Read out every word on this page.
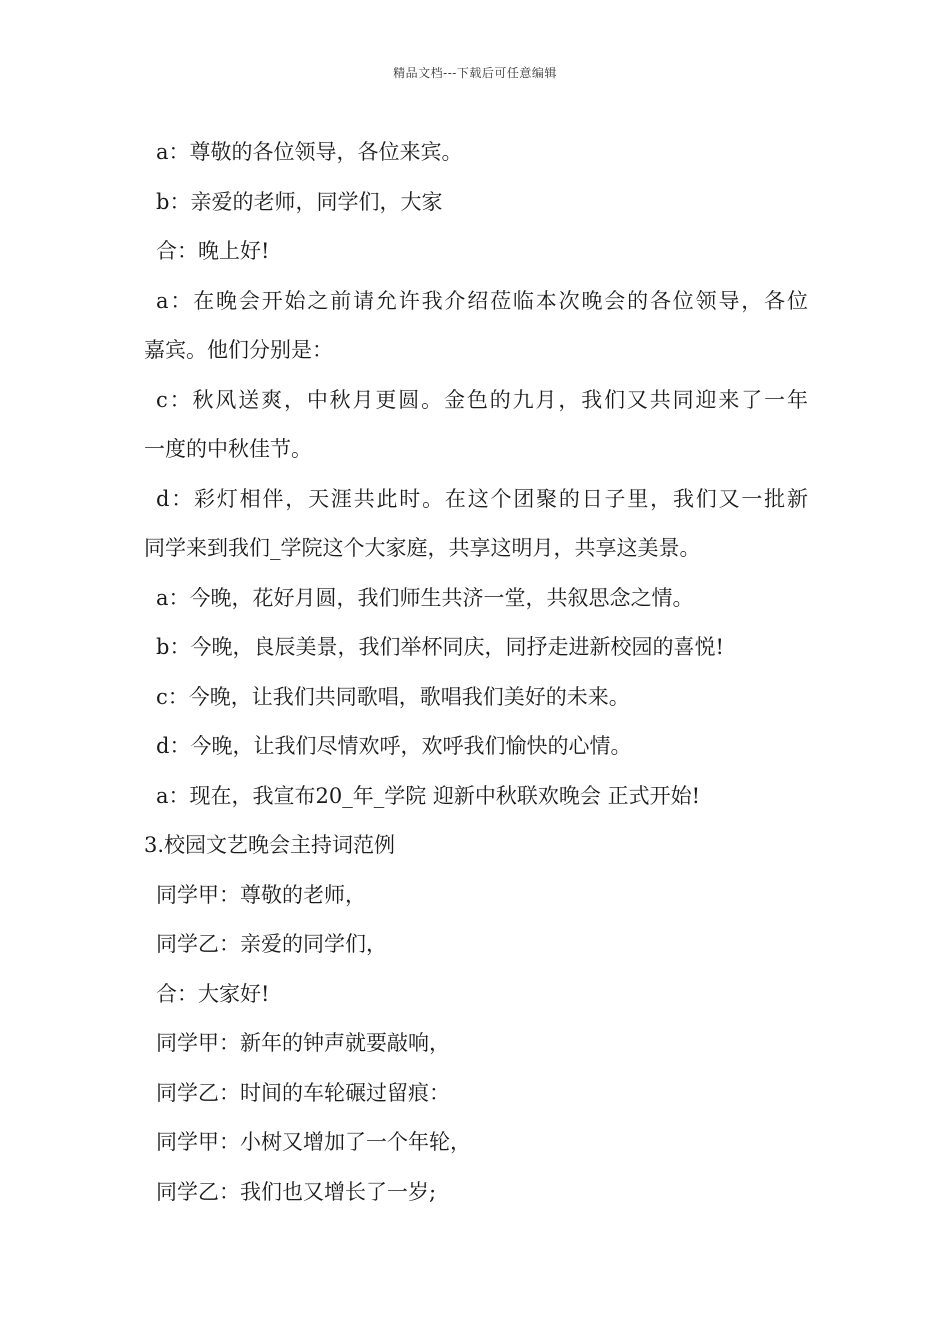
精品文档---下载后可任意编辑
a：尊敬的各位领导，各位来宾。
b：亲爱的老师，同学们，大家
合：晚上好!
a：在晚会开始之前请允许我介绍莅临本次晚会的各位领导，各位
嘉宾。他们分别是：
c：秋风送爽，中秋月更圆。金色的九月，我们又共同迎来了一年
一度的中秋佳节。
d：彩灯相伴，天涯共此时。在这个团聚的日子里，我们又一批新
同学来到我们_学院这个大家庭，共享这明月，共享这美景。
a：今晚，花好月圆，我们师生共济一堂，共叙思念之情。
b：今晚，良辰美景，我们举杯同庆，同抒走进新校园的喜悦!
c：今晚，让我们共同歌唱，歌唱我们美好的未来。
d：今晚，让我们尽情欢呼，欢呼我们愉快的心情。
a：现在，我宣布20_年_学院 迎新中秋联欢晚会 正式开始!
3.校园文艺晚会主持词范例
同学甲：尊敬的老师，
同学乙：亲爱的同学们，
合：大家好!
同学甲：新年的钟声就要敲响，
同学乙：时间的车轮碾过留痕：
同学甲：小树又增加了一个年轮，
同学乙：我们也又增长了一岁;
